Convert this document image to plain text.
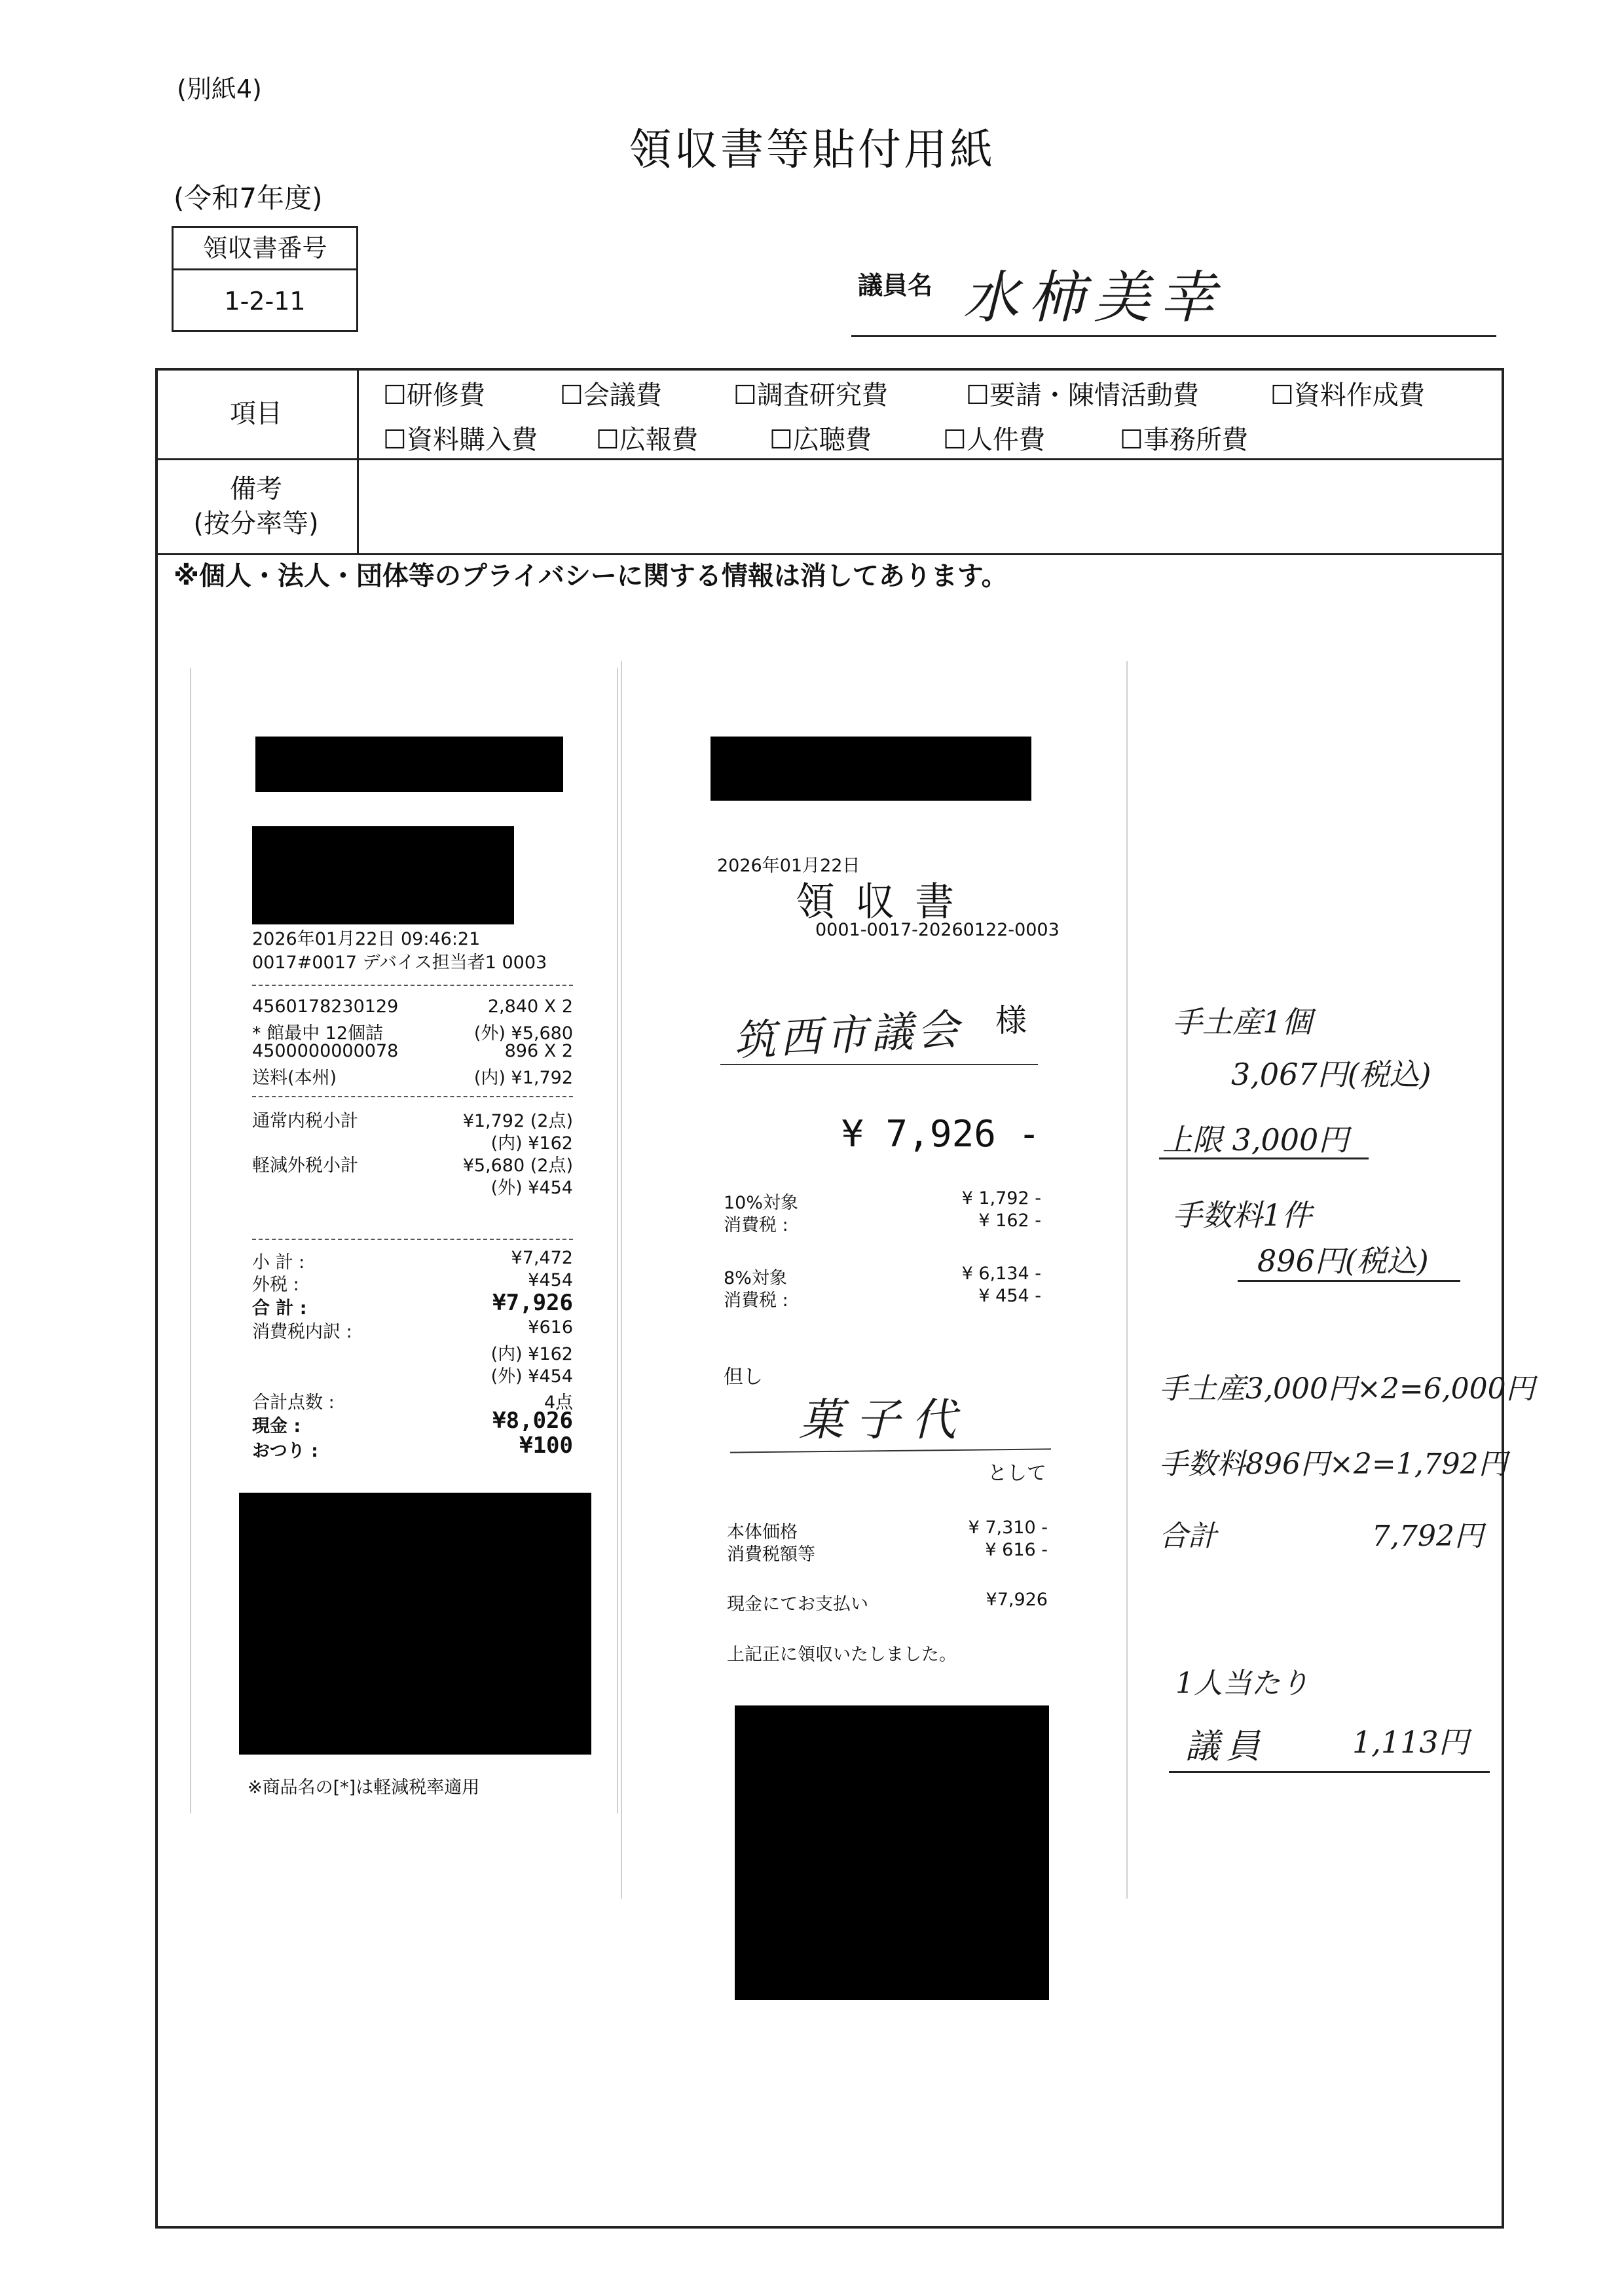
(別紙4)
領収書等貼付用紙
(令和7年度)
領収書番号
1-2-11
議員名 水柿美幸
項目
☐研修費	☐会議費	☐調査研究費	☐要請・陳情活動費	☐資料作成費
☐資料購入費 ☐広報費	☐広聴費	☐人件費	☐事務所費
備考
(按分率等)
※個人・法人・団体等のプライバシーに関する情報は消してあります。
2026年01月22日 09:46:21
0017#0017 デバイス担当者1 0003
4560178230129	2,840 X 2
* 館最中 12個詰	(外) ¥5,680
4500000000078	896 X 2
送料(本州)	(内) ¥1,792
通常内税小計	¥1,792 (2点)
(内) ¥162
軽減外税小計	¥5,680 (2点)
(外) ¥454
小 計 :	¥7,472
外税 :	¥454
合 計 :	¥7,926
消費税内訳 :	¥616
(内) ¥162
(外) ¥454
合計点数 :	4点
現金 :	¥8,026
おつり :	¥100
※商品名の[*]は軽減税率適用
2026年01月22日
領 収 書
0001-0017-20260122-0003
筑西市議会 様
¥ 7,926 -
10%対象	¥ 1,792 -
消費税 :	¥ 162 -
8%対象	¥ 6,134 -
消費税 :	¥ 454 -
但し
菓子代
として
本体価格	¥ 7,310 -
消費税額等	¥ 616 -
現金にてお支払い	¥7,926
上記正に領収いたしました。
手土産1個
3,067円(税込)
上限 3,000円
手数料1件
896円(税込)
手土産3,000円×2=6,000円
手数料896円×2=1,792円
合計	7,792円
1人当たり
議員	1,113円
